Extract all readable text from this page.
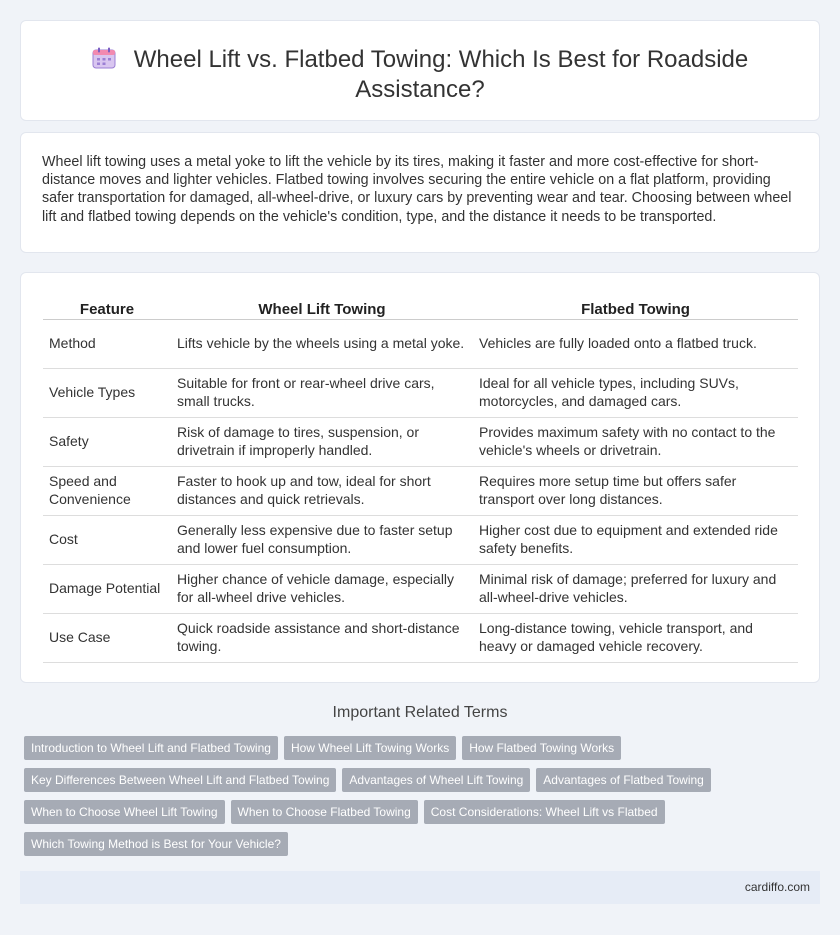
Wheel Lift vs. Flatbed Towing: Which Is Best for Roadside Assistance?

Wheel lift towing uses a metal yoke to lift the vehicle by its tires, making it faster and more cost-effective for short-distance moves and lighter vehicles. Flatbed towing involves securing the entire vehicle on a flat platform, providing safer transportation for damaged, all-wheel-drive, or luxury cars by preventing wear and tear. Choosing between wheel lift and flatbed towing depends on the vehicle's condition, type, and the distance it needs to be transported.

Feature	Wheel Lift Towing	Flatbed Towing
Method	Lifts vehicle by the wheels using a metal yoke.	Vehicles are fully loaded onto a flatbed truck.
Vehicle Types	Suitable for front or rear-wheel drive cars, small trucks.	Ideal for all vehicle types, including SUVs, motorcycles, and damaged cars.
Safety	Risk of damage to tires, suspension, or drivetrain if improperly handled.	Provides maximum safety with no contact to the vehicle's wheels or drivetrain.
Speed and Convenience	Faster to hook up and tow, ideal for short distances and quick retrievals.	Requires more setup time but offers safer transport over long distances.
Cost	Generally less expensive due to faster setup and lower fuel consumption.	Higher cost due to equipment and extended ride safety benefits.
Damage Potential	Higher chance of vehicle damage, especially for all-wheel drive vehicles.	Minimal risk of damage; preferred for luxury and all-wheel-drive vehicles.
Use Case	Quick roadside assistance and short-distance towing.	Long-distance towing, vehicle transport, and heavy or damaged vehicle recovery.
Important Related Terms
Introduction to Wheel Lift and Flatbed Towing How Wheel Lift Towing Works How Flatbed Towing Works
Key Differences Between Wheel Lift and Flatbed Towing Advantages of Wheel Lift Towing Advantages of Flatbed Towing
When to Choose Wheel Lift Towing When to Choose Flatbed Towing Cost Considerations: Wheel Lift vs Flatbed
Which Towing Method is Best for Your Vehicle?
cardiffo.com
